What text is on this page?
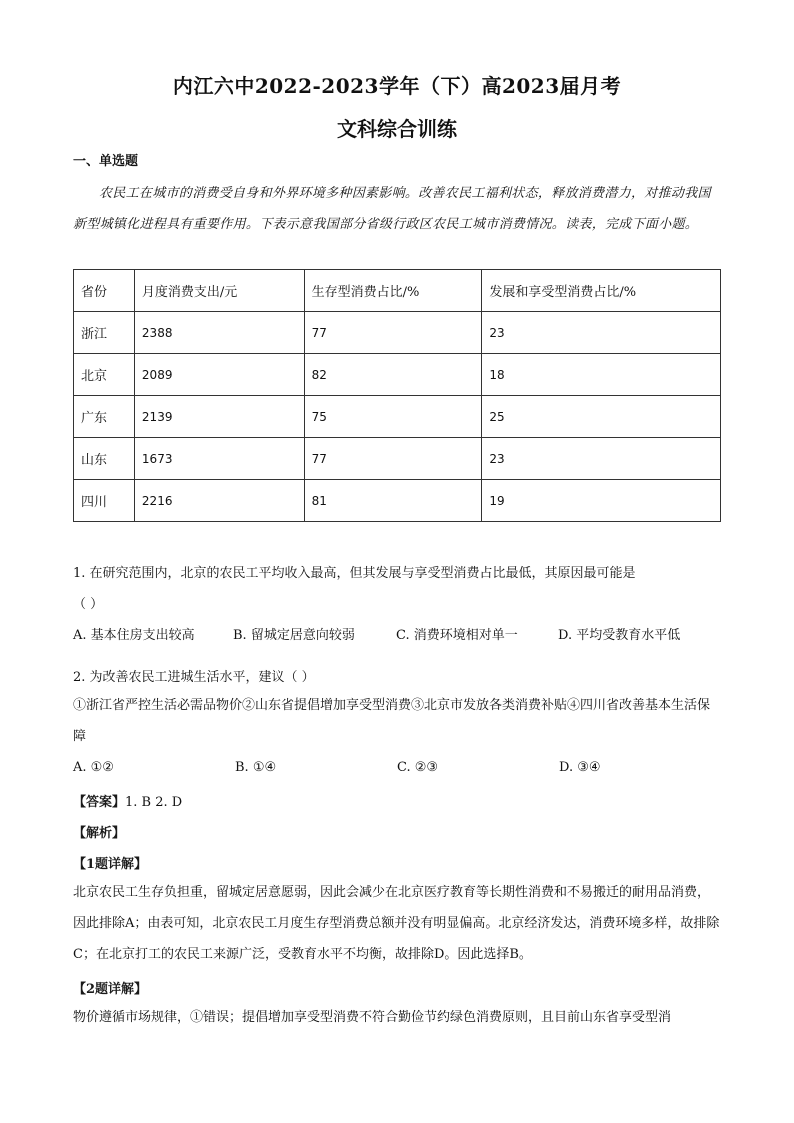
内江六中2022-2023学年（下）高2023届月考
文科综合训练
一、单选题
农民工在城市的消费受自身和外界环境多种因素影响。改善农民工福利状态，释放消费潜力，对推动我国新型城镇化进程具有重要作用。下表示意我国部分省级行政区农民工城市消费情况。读表，完成下面小题。
省份	月度消费支出/元	生存型消费占比/%	发展和享受型消费占比/%
浙江	2388	77	23
北京	2089	82	18
广东	2139	75	25
山东	1673	77	23
四川	2216	81	19
1. 在研究范围内，北京的农民工平均收入最高，但其发展与享受型消费占比最低，其原因最可能是
（ ）
A. 基本住房支出较高	B. 留城定居意向较弱	C. 消费环境相对单一	D. 平均受教育水平低
2. 为改善农民工进城生活水平，建议（ ）
①浙江省严控生活必需品物价②山东省提倡增加享受型消费③北京市发放各类消费补贴④四川省改善基本生活保障
A. ①②	B. ①④	C. ②③	D. ③④
【答案】1. B 2. D
【解析】
【1题详解】
北京农民工生存负担重，留城定居意愿弱，因此会减少在北京医疗教育等长期性消费和不易搬迁的耐用品消费，因此排除A；由表可知，北京农民工月度生存型消费总额并没有明显偏高。北京经济发达，消费环境多样，故排除C；在北京打工的农民工来源广泛，受教育水平不均衡，故排除D。因此选择B。
【2题详解】
物价遵循市场规律，①错误；提倡增加享受型消费不符合勤俭节约绿色消费原则，且目前山东省享受型消
